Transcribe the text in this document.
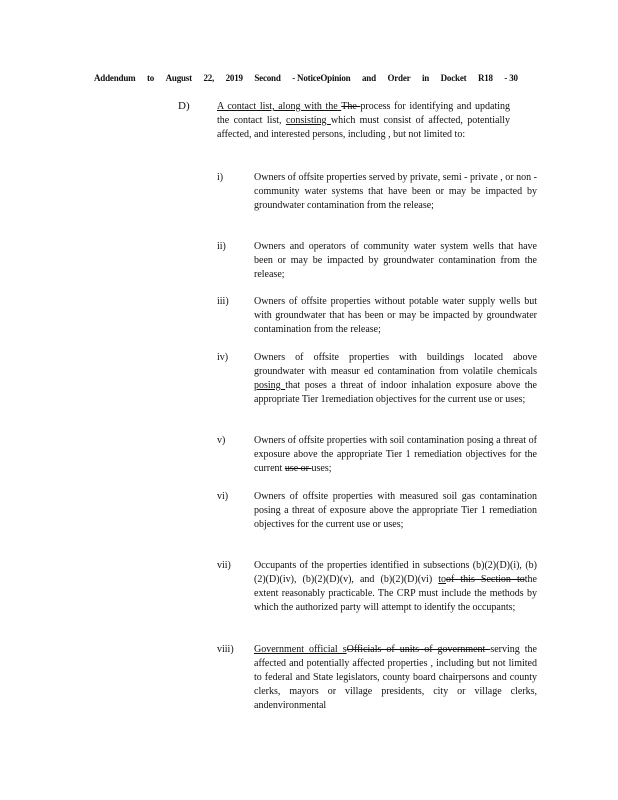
Addendum to August 22, 2019 Second - NoticeOpinion and Order in Docket R18 - 30
D)	A contact list, along with the The process for identifying and updating the contact list, consisting which must consist of affected, potentially affected, and interested persons, including , but not limited to:
i)	Owners of offsite properties served by private, semi - private , or non -community water systems that have been or may be impacted by groundwater contamination from the release;
ii)	Owners and operators of community water system wells that have been or may be impacted by groundwater contamination from the release;
iii)	Owners of offsite properties without potable water supply wells but with groundwater that has been or may be impacted by groundwater contamination from the release;
iv)	Owners of offsite properties with buildings located above groundwater with measur ed contamination from volatile chemicals posing that poses a threat of indoor inhalation exposure above the appropriate Tier 1remediation objectives for the current use or uses;
v)	Owners of offsite properties with soil contamination posing a threat of exposure above the appropriate Tier 1 remediation objectives for the current use or uses;
vi)	Owners of offsite properties with measured soil gas contamination posing a threat of exposure above the appropriate Tier 1 remediation objectives for the current use or uses;
vii) Occupants of the properties identified in subsections (b)(2)(D)(i), (b)(2)(D)(iv), (b)(2)(D)(v), and (b)(2)(D)(vi) toof this Section tothe extent reasonably practicable. The CRP must include the methods by which the authorized party will attempt to identify the occupants;
viii) Government official sOfficials of units of government serving the affected and potentially affected properties , including but not limited to federal and State legislators, county board chairpersons and county clerks, mayors or village presidents, city or village clerks, andenvironmental
